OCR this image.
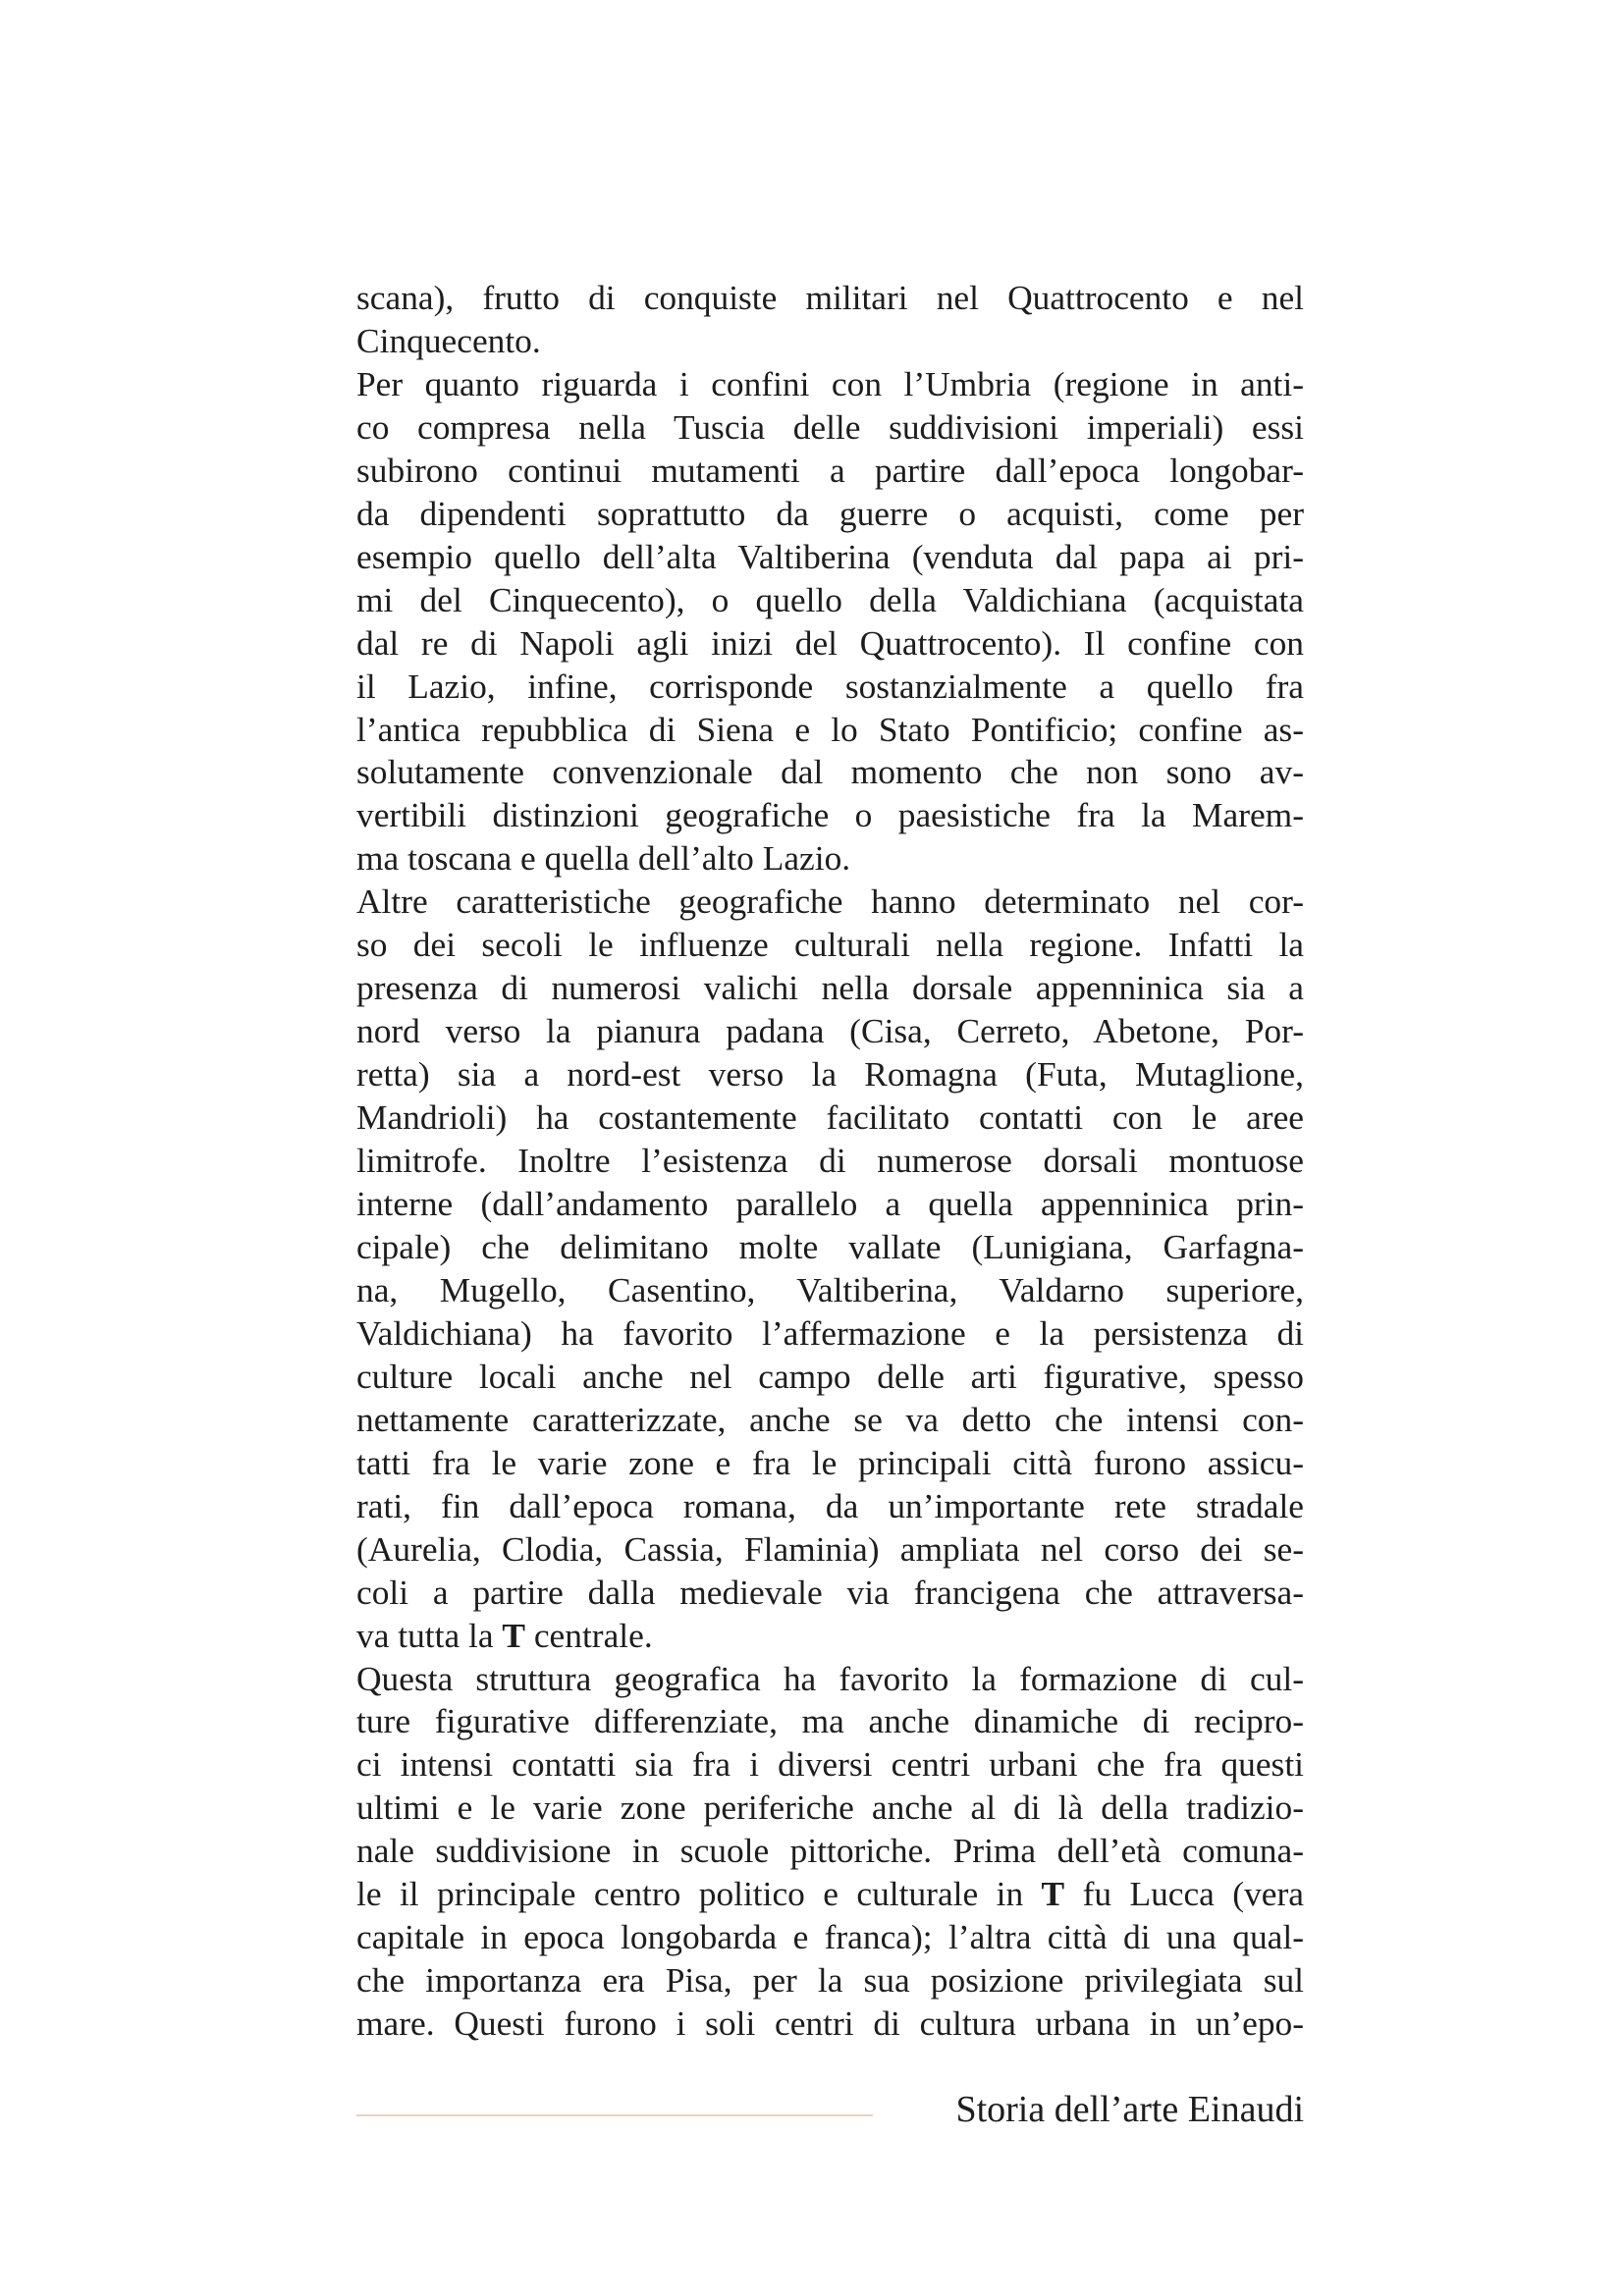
scana), frutto di conquiste militari nel Quattrocento e nel
Cinquecento.
Per quanto riguarda i confini con l’Umbria (regione in anti-
co compresa nella Tuscia delle suddivisioni imperiali) essi
subirono continui mutamenti a partire dall’epoca longobar-
da dipendenti soprattutto da guerre o acquisti, come per
esempio quello dell’alta Valtiberina (venduta dal papa ai pri-
mi del Cinquecento), o quello della Valdichiana (acquistata
dal re di Napoli agli inizi del Quattrocento). Il confine con
il Lazio, infine, corrisponde sostanzialmente a quello fra
l’antica repubblica di Siena e lo Stato Pontificio; confine as-
solutamente convenzionale dal momento che non sono av-
vertibili distinzioni geografiche o paesistiche fra la Marem-
ma toscana e quella dell’alto Lazio.
Altre caratteristiche geografiche hanno determinato nel cor-
so dei secoli le influenze culturali nella regione. Infatti la
presenza di numerosi valichi nella dorsale appenninica sia a
nord verso la pianura padana (Cisa, Cerreto, Abetone, Por-
retta) sia a nord-est verso la Romagna (Futa, Mutaglione,
Mandrioli) ha costantemente facilitato contatti con le aree
limitrofe. Inoltre l’esistenza di numerose dorsali montuose
interne (dall’andamento parallelo a quella appenninica prin-
cipale) che delimitano molte vallate (Lunigiana, Garfagna-
na, Mugello, Casentino, Valtiberina, Valdarno superiore,
Valdichiana) ha favorito l’affermazione e la persistenza di
culture locali anche nel campo delle arti figurative, spesso
nettamente caratterizzate, anche se va detto che intensi con-
tatti fra le varie zone e fra le principali città furono assicu-
rati, fin dall’epoca romana, da un’importante rete stradale
(Aurelia, Clodia, Cassia, Flaminia) ampliata nel corso dei se-
coli a partire dalla medievale via francigena che attraversa-
va tutta la T centrale.
Questa struttura geografica ha favorito la formazione di cul-
ture figurative differenziate, ma anche dinamiche di recipro-
ci intensi contatti sia fra i diversi centri urbani che fra questi
ultimi e le varie zone periferiche anche al di là della tradizio-
nale suddivisione in scuole pittoriche. Prima dell’età comuna-
le il principale centro politico e culturale in T fu Lucca (vera
capitale in epoca longobarda e franca); l’altra città di una qual-
che importanza era Pisa, per la sua posizione privilegiata sul
mare. Questi furono i soli centri di cultura urbana in un’epo-
Storia dell’arte Einaudi
